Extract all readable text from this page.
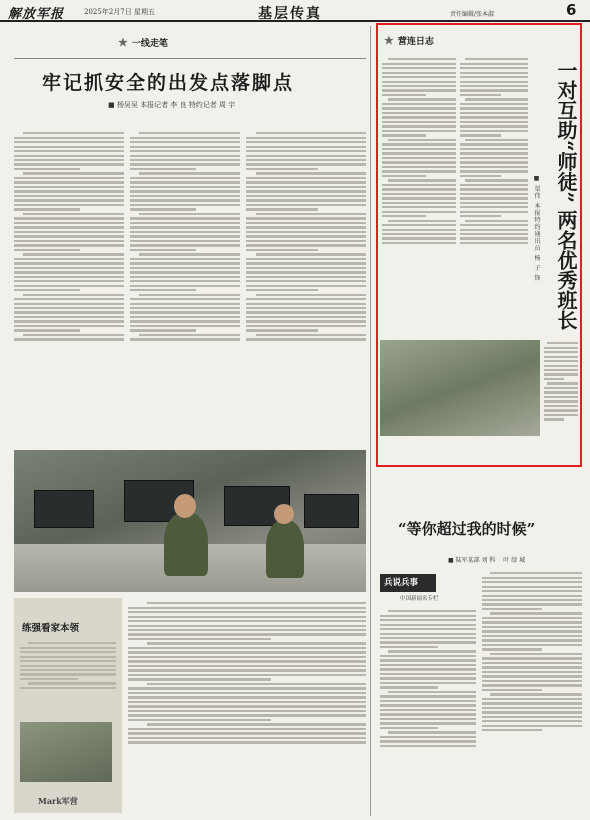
解放军报	2025年2月7日 星期五	基层传真	责任编辑/张本淑	6
★ 一线走笔
牢记抓安全的出发点落脚点
■ 杨吴吴 本报记者 李 良 特约记者 周 宇
★ 营连日志
一对互助“师徒” 两名优秀班长
■ 栗伟 本报特约通讯员 杨 子 锋
“等你超过我的时候”
■ 陆军某部 刘 科 　叶 绿 城
兵说兵事
中国新闻名专栏
练强看家本领
Mark军营
